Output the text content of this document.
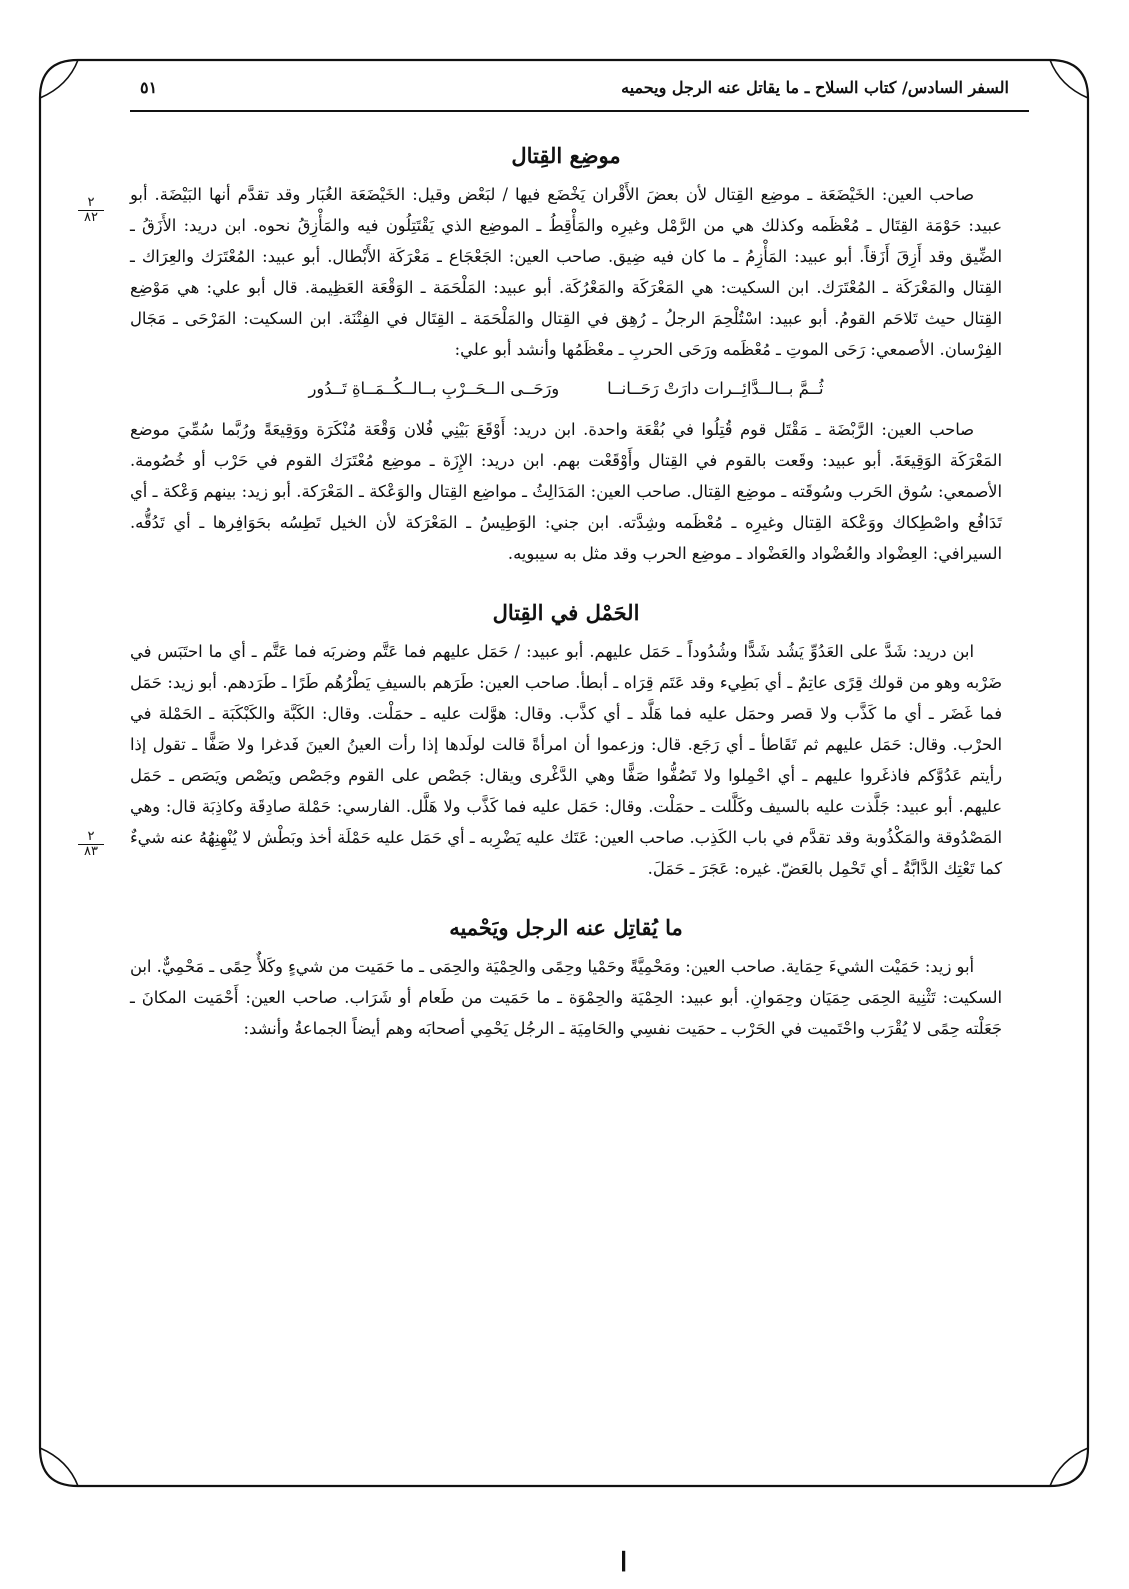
السفر السادس/ كتاب السلاح ـ ما يقاتل عنه الرجل ويحميه
٥١
٢
٨٢
موضِع القِتال

صاحب العين: الخَيْضَعَة ـ موضِع القِتال لأن بعضَ الأَقْران يَخْضَع فيها / لبَعْض وقيل: الخَيْضَعَة الغُبَار وقد تقدَّم أنها البَيْضَة. أبو عبيد: حَوْمَة القِتَال ـ مُعْظَمه وكذلك هي من الرَّمْل وغيرِه والمَأْقِطُ ـ الموضِع الذي يَقْتَتِلُون فيه والمَأْزِقُ نحوه. ابن دريد: الأَزَقُ ـ الضِّيق وقد أَزِقَ أَزَقاً. أبو عبيد: المَأْزِمُ ـ ما كان فيه ضِيق. صاحب العين: الجَعْجَاع ـ مَعْرَكَة الأَبْطال. أبو عبيد: المُعْتَرَك والعِرَاك ـ القِتال والمَعْرَكَة ـ المُعْتَرَك. ابن السكيت: هي المَعْرَكَة والمَعْرُكَة. أبو عبيد: المَلْحَمَة ـ الوَقْعَة العَظِيمة. قال أبو علي: هي مَوْضِع القِتال حيث تَلاحَم القومُ. أبو عبيد: اسْتُلْحِمَ الرجلُ ـ رُهِق في القِتال والمَلْحَمَة ـ القِتَال في الفِتْنَة. ابن السكيت: المَرْحَى ـ مَجَال الفِرْسان. الأصمعي: رَحَى الموتِ ـ مُعْظَمه ورَحَى الحربِ ـ معْظَمُها وأنشد أبو علي:

ثُــمَّ بــالــدَّائِــرات دارَتْ رَحَــانــا
ورَحَــى الــحَــرْبِ بــالــكُــمَــاةِ تَــدُور

صاحب العين: الرَّبْضَة ـ مَقْتَل قوم قُتِلُوا في بُقْعَة واحدة. ابن دريد: أَوْقَعَ بَيْنِي فُلان وَقْعَة مُنْكَرَة ووَقِيعَةً ورُبَّما سُمِّيَ موضع المَعْرَكَة الوَقِيعَةَ. أبو عبيد: وقَعت بالقوم في القِتال وأَوْقَعْت بهم. ابن دريد: الإِزَة ـ موضِع مُعْتَرَك القوم في حَرْب أو خُصُومة. الأصمعي: سُوق الحَرب وسُوقَته ـ موضِع القِتال. صاحب العين: المَدَالِثُ ـ مواضِع القِتال والوَعْكة ـ المَعْرَكة. أبو زيد: بينهم وَعْكة ـ أي تَدَافُع واصْطِكاك ووَعْكة القِتال وغيرِه ـ مُعْظَمه وشِدَّته. ابن جني: الوَطِيسُ ـ المَعْرَكة لأن الخيل تَطِسُه بحَوَافِرها ـ أي تَدُقُّه. السيرافي: العِضْواد والعُضْواد والعَضْواد ـ موضِع الحرب وقد مثل به سيبويه.

الحَمْل في القِتال

ابن دريد: شَدَّ على العَدُوِّ يَشُد شَدًّا وشُدُوداً ـ حَمَل عليهم. أبو عبيد: / حَمَل عليهم فما عَتَّم وضربَه فما عَتَّم ـ أي ما احتَبَس في ضَرْبه وهو من قولك قِرًى عاتِمٌ ـ أي بَطِيء وقد عَتَم قِرَاه ـ أبطأ. صاحب العين: طَرَهم بالسيفِ يَطْرُهُم طَرًا ـ طَرَدهم. أبو زيد: حَمَل فما غَضَر ـ أي ما كَذَّب ولا قصر وحمَل عليه فما هَلَّد ـ أي كذَّب. وقال: هوَّلت عليه ـ حمَلْت. وقال: الكَبَّة والكَبْكَبَة ـ الحَمْلة في الحرْب. وقال: حَمَل عليهم ثم تَقَاطأ ـ أي رَجَع. قال: وزعموا أن امرأةً قالت لولَدها إذا رأت العينُ العينَ فَدغرا ولا صَفًّا ـ تقول إذا رأيتم عَدُوَّكم فاذغَروا عليهم ـ أي احْمِلوا ولا تَصُفُّوا صَفًّا وهي الدَّغْرى ويقال: جَصْص على القوم وجَصْص ويَصْص ويَصَص ـ حَمَل عليهم. أبو عبيد: جَلَّذت عليه بالسيف وكَلَّلت ـ حمَلْت. وقال: حَمَل عليه فما كَذَّب ولا هَلَّل. الفارسي: حَمْلة صادِقَة وكاذِبَة قال: وهي المَصْدُوقة والمَكْذُوبة وقد تقدَّم في باب الكَذِب. صاحب العين: عَتَك عليه يَضْرِبه ـ أي حَمَل عليه حَمْلَة أخذ وبَطْش لا يُنْهِنِهُهُ عنه شيءٌ كما تَعْتِك الدَّابَّةُ ـ أي تَحْمِل بالعَضّ. غيره: عَجَرَ ـ حَمَلَ.

ما يُقاتِل عنه الرجل ويَحْميه

أبو زيد: حَمَيْت الشيءَ حِمَاية. صاحب العين: ومَحْمِيَّةً وحَمْيا وحِمًى والحِمْيَة والحِمَى ـ ما حَمَيت من شيءٍ وكَلأٌ حِمًى ـ مَحْمِيٌّ. ابن السكيت: تَثْنِية الحِمَى حِمَيَان وحِمَوانِ. أبو عبيد: الحِمْيَة والحِمْوَة ـ ما حَمَيت من طَعام أو شَرَاب. صاحب العين: أَحْمَيت المكانَ ـ جَعَلْته حِمًى لا يُقْرَب واحْتَميت في الحَرْب ـ حمَيت نفسِي والحَامِيَة ـ الرجُل يَحْمِي أصحابَه وهم أيضاً الجماعةُ وأنشد:

٢
٨٣
ا
